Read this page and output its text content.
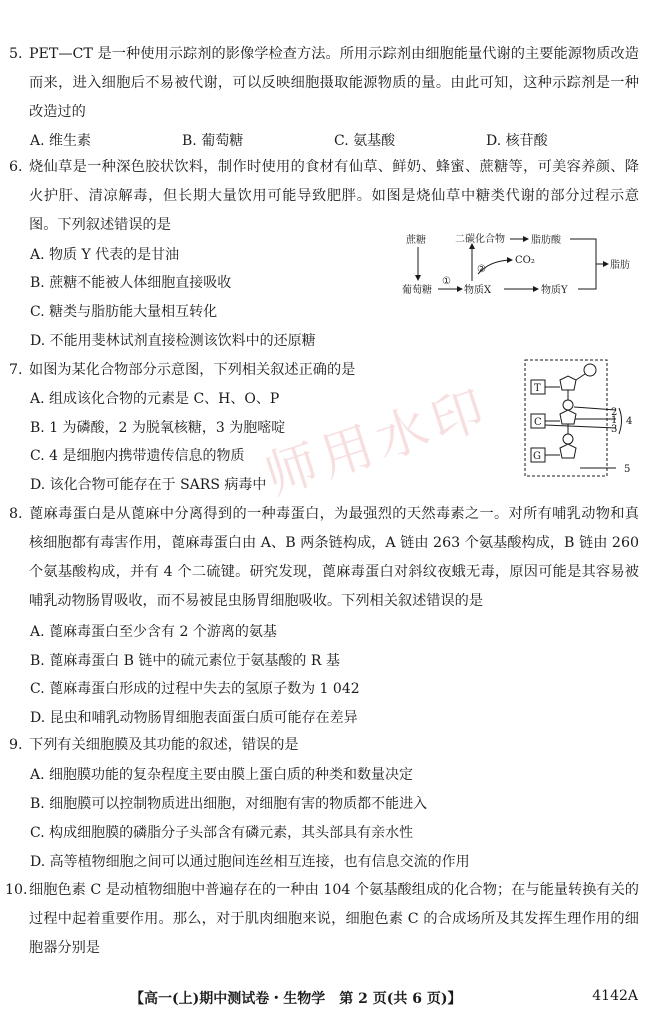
5. PET—CT 是一种使用示踪剂的影像学检查方法。所用示踪剂由细胞能量代谢的主要能源物质改造而来，进入细胞后不易被代谢，可以反映细胞摄取能源物质的量。由此可知，这种示踪剂是一种改造过的
A. 维生素	B. 葡萄糖	C. 氨基酸	D. 核苷酸
6. 烧仙草是一种深色胶状饮料，制作时使用的食材有仙草、鲜奶、蜂蜜、蔗糖等，可美容养颜、降火护肝、清凉解毒，但长期大量饮用可能导致肥胖。如图是烧仙草中糖类代谢的部分过程示意图。下列叙述错误的是
A. 物质 Y 代表的是甘油
B. 蔗糖不能被人体细胞直接吸收
C. 糖类与脂肪能大量相互转化
D. 不能用斐林试剂直接检测该饮料中的还原糖
蔗糖
葡萄糖
①
物质X
二碳化合物
②
CO₂
脂肪酸
物质Y
脂肪
7. 如图为某化合物部分示意图，下列相关叙述正确的是
A. 组成该化合物的元素是 C、H、O、P
B. 1 为磷酸，2 为脱氧核糖，3 为胞嘧啶
C. 4 是细胞内携带遗传信息的物质
D. 该化合物可能存在于 SARS 病毒中
T
C
G
2
3
4
1
5
8. 蓖麻毒蛋白是从蓖麻中分离得到的一种毒蛋白，为最强烈的天然毒素之一。对所有哺乳动物和真核细胞都有毒害作用，蓖麻毒蛋白由 A、B 两条链构成，A 链由 263 个氨基酸构成，B 链由 260 个氨基酸构成，并有 4 个二硫键。研究发现，蓖麻毒蛋白对斜纹夜蛾无毒，原因可能是其容易被哺乳动物肠胃吸收，而不易被昆虫肠胃细胞吸收。下列相关叙述错误的是
A. 蓖麻毒蛋白至少含有 2 个游离的氨基
B. 蓖麻毒蛋白 B 链中的硫元素位于氨基酸的 R 基
C. 蓖麻毒蛋白形成的过程中失去的氢原子数为 1 042
D. 昆虫和哺乳动物肠胃细胞表面蛋白质可能存在差异
9. 下列有关细胞膜及其功能的叙述，错误的是
A. 细胞膜功能的复杂程度主要由膜上蛋白质的种类和数量决定
B. 细胞膜可以控制物质进出细胞，对细胞有害的物质都不能进入
C. 构成细胞膜的磷脂分子头部含有磷元素，其头部具有亲水性
D. 高等植物细胞之间可以通过胞间连丝相互连接，也有信息交流的作用
10. 细胞色素 C 是动植物细胞中普遍存在的一种由 104 个氨基酸组成的化合物；在与能量转换有关的过程中起着重要作用。那么，对于肌肉细胞来说，细胞色素 C 的合成场所及其发挥生理作用的细胞器分别是
师用水印
【高一(上)期中测试卷・生物学　第 2 页(共 6 页)】	4142A
